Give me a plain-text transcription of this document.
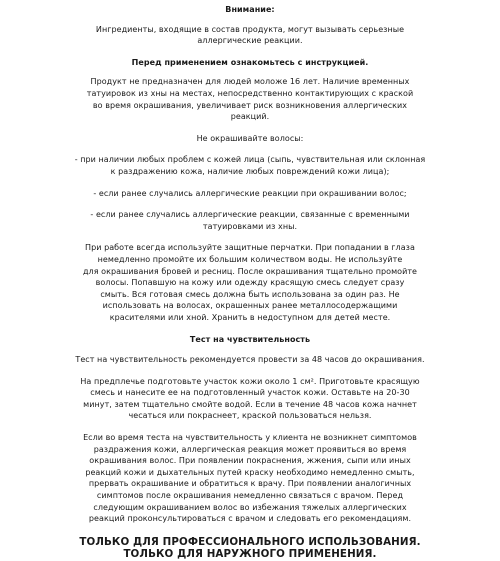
Внимание:

Ингредиенты, входящие в состав продукта, могут вызывать серьезные
аллергические реакции.

Перед применением ознакомьтесь с инструкцией.

Продукт не предназначен для людей моложе 16 лет. Наличие временных
татуировок из хны на местах, непосредственно контактирующих с краской
во время окрашивания, увеличивает риск возникновения аллергических
реакций.

Не окрашивайте волосы:

- при наличии любых проблем с кожей лица (сыпь, чувствительная или склонная
к раздражению кожа, наличие любых повреждений кожи лица);

- если ранее случались аллергические реакции при окрашивании волос;

- если ранее случались аллергические реакции, связанные с временными
татуировками из хны.

При работе всегда используйте защитные перчатки. При попадании в глаза
немедленно промойте их большим количеством воды. Не используйте
для окрашивания бровей и ресниц. После окрашивания тщательно промойте
волосы. Попавшую на кожу или одежду красящую смесь следует сразу
смыть. Вся готовая смесь должна быть использована за один раз. Не
использовать на волосах, окрашенных ранее металлосодержащими
красителями или хной. Хранить в недоступном для детей месте.

Тест на чувствительность

Тест на чувствительность рекомендуется провести за 48 часов до окрашивания.

На предплечье подготовьте участок кожи около 1 см². Приготовьте красящую
смесь и нанесите ее на подготовленный участок кожи. Оставьте на 20-30
минут, затем тщательно смойте водой. Если в течение 48 часов кожа начнет
чесаться или покраснеет, краской пользоваться нельзя.

Если во время теста на чувствительность у клиента не возникнет симптомов
раздражения кожи, аллергическая реакция может проявиться во время
окрашивания волос. При появлении покраснения, жжения, сыпи или иных
реакций кожи и дыхательных путей краску необходимо немедленно смыть,
прервать окрашивание и обратиться к врачу. При появлении аналогичных
симптомов после окрашивания немедленно связаться с врачом. Перед
следующим окрашиванием волос во избежания тяжелых аллергических
реакций проконсультироваться с врачом и следовать его рекомендациям.

ТОЛЬКО ДЛЯ ПРОФЕССИОНАЛЬНОГО ИСПОЛЬЗОВАНИЯ.
ТОЛЬКО ДЛЯ НАРУЖНОГО ПРИМЕНЕНИЯ.
